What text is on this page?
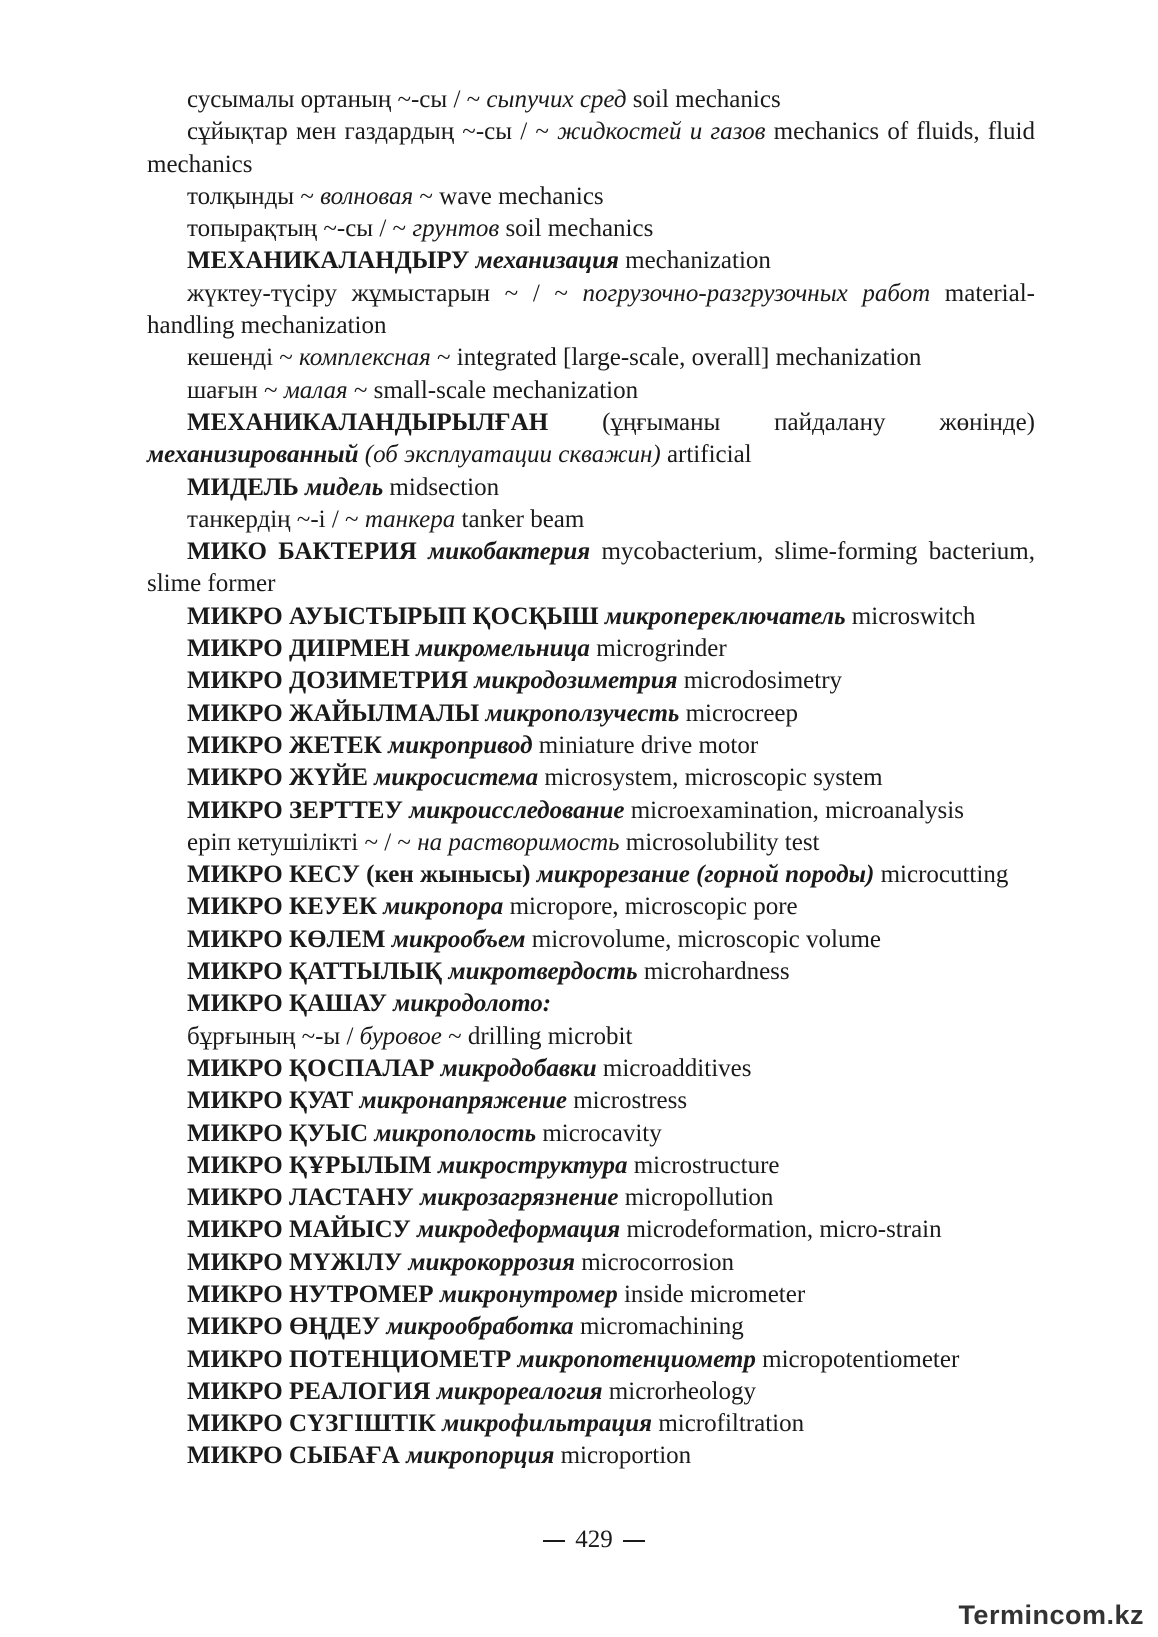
сусымалы ортаның ~-сы / ~ сыпучих сред soil mechanics
сұйықтар мен газдардың ~-сы / ~ жидкостей и газов mechanics of fluids, fluid mechanics
толқынды ~ волновая ~ wave mechanics
топырақтың ~-сы / ~ грунтов soil mechanics
МЕХАНИКАЛАНДЫРУ механизация mechanization
жүктеу-түсіру жұмыстарын ~ / ~ погрузочно-разгрузочных работ material-handling mechanization
кешенді ~ комплексная ~ integrated [large-scale, overall] mechanization
шағын ~ малая ~ small-scale mechanization
МЕХАНИКАЛАНДЫРЫЛҒАН (ұңғыманы пайдалану жөнінде) механизированный (об эксплуатации скважин) artificial
МИДЕЛЬ мидель midsection
танкердің ~-і / ~ танкера tanker beam
МИКО БАКТЕРИЯ микобактерия mycobacterium, slime-forming bacterium, slime former
МИКРО АУЫСТЫРЫП ҚОСҚЫШ микропереключатель microswitch
МИКРО ДИІРМЕН микромельница microgrinder
МИКРО ДОЗИМЕТРИЯ микродозиметрия microdosimetry
МИКРО ЖАЙЫЛМАЛЫ микроползучесть microcreep
МИКРО ЖЕТЕК микропривод miniature drive motor
МИКРО ЖҮЙЕ микросистема microsystem, microscopic system
МИКРО ЗЕРТТЕУ микроисследование microexamination, microanalysis
еріп кетушілікті ~ / ~ на растворимость microsolubility test
МИКРО КЕСУ (кен жынысы) микрорезание (горной породы) microcutting
МИКРО КЕУЕК микропора micropore, microscopic pore
МИКРО КӨЛЕМ микрообъем microvolume, microscopic volume
МИКРО ҚАТТЫЛЫҚ микротвердость microhardness
МИКРО ҚАШАУ микродолото:
бұрғының ~-ы / буровое ~ drilling microbit
МИКРО ҚОСПАЛАР микродобавки microadditives
МИКРО ҚУАТ микронапряжение microstress
МИКРО ҚУЫС микрополость microcavity
МИКРО ҚҰРЫЛЫМ микроструктура microstructure
МИКРО ЛАСТАНУ микрозагрязнение micropollution
МИКРО МАЙЫСУ микродеформация microdeformation, micro-strain
МИКРО МҮЖІЛУ микрокоррозия microcorrosion
МИКРО НУТРОМЕР микронутромер inside micrometer
МИКРО ӨҢДЕУ микрообработка micromachining
МИКРО ПОТЕНЦИОМЕТР микропотенциометр micropotentiometer
МИКРО РЕАЛОГИЯ микрореалогия microrheology
МИКРО СҮЗГІШТІК микрофильтрация microfiltration
МИКРО СЫБАҒА микропорция microportion
429
Termincom.kz
